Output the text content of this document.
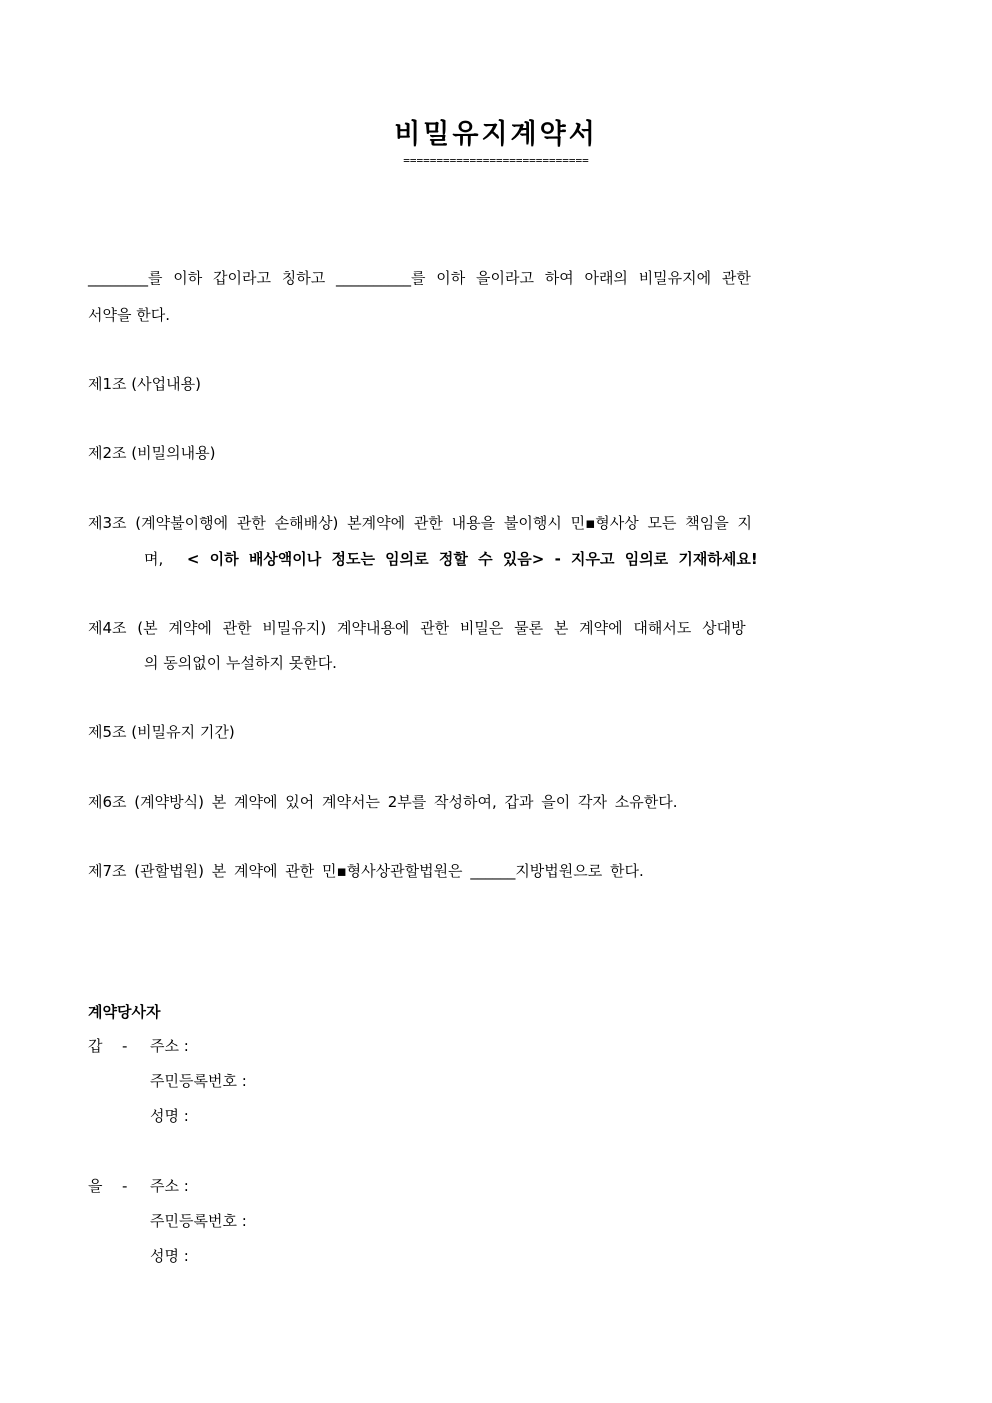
비밀유지계약서
============================
________를 이하 갑이라고 칭하고 __________를 이하 을이라고 하여 아래의 비밀유지에 관한
서약을 한다.
제1조 (사업내용)
제2조 (비밀의내용)
제3조 (계약불이행에 관한 손해배상) 본계약에 관한 내용을 불이행시 민▪형사상 모든 책임을 지
며, < 이하 배상액이나 정도는 임의로 정할 수 있음> - 지우고 임의로 기재하세요!
제4조 (본 계약에 관한 비밀유지) 계약내용에 관한 비밀은 물론 본 계약에 대해서도 상대방
의 동의없이 누설하지 못한다.
제5조 (비밀유지 기간)
제6조 (계약방식) 본 계약에 있어 계약서는 2부를 작성하여, 갑과 을이 각자 소유한다.
제7조 (관할법원) 본 계약에 관한 민▪형사상관할법원은 ______지방법원으로 한다.
계약당사자
갑 - 주소 :
주민등록번호 :
성명 :
을 - 주소 :
주민등록번호 :
성명 :
